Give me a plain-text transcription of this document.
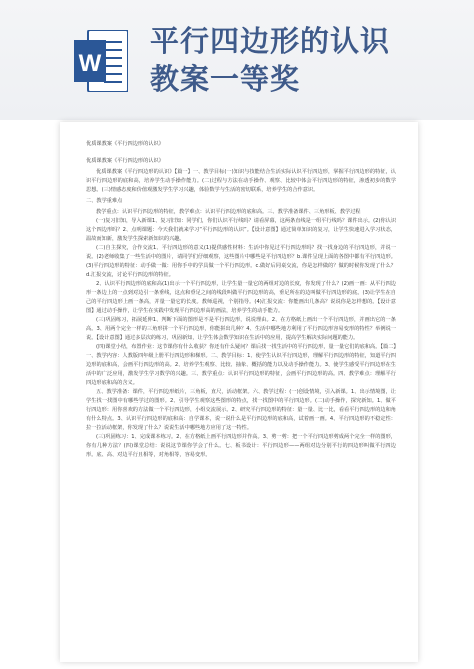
W
平行四边形的认识
教案一等奖

优质课教案《平行四边形的认识》

优质课教案《平行四边形的认识》

优质课教案《平行四边形的认识》【篇一】一、教学目标(一)知识与技能结合生活实际认识平行四边形，掌握平行四边形的特征，认识平行四边形的底和高，培养学生动手操作能力。(二)过程与方法在动手操作、观察、比较中体会平行四边形的特征，渗透初步的数学思想。(三)情感态度和价值观激发学生学习兴趣，体验数学与生活的密切联系，培养学生的合作意识。

二、教学重难点

教学重点：认识平行四边形的特征，教学难点：认识平行四边形的底和高。三、教学准备课件、三角形板、教学过程

(一)复习旧知，导入新课1、复习旧知：同学们，你们认识平行线吗？请看屏幕，这两条直线是一组平行线吗？课件出示。(2)你认识这个四边形吗？2、点明课题：今天我们就来学习“平行四边形的认识”。【设计意图】通过简单知识的复习，让学生快速进入学习状态，温故而知新，激发学生探索新知识的兴趣。

(二)自主探究，合作交流1、平行四边形的意义(1)提供感性材料：生活中你见过平行四边形吗？找一找身边的平行四边形，并说一说。(2)老师收集了一些生活中的图片，请同学们仔细观察，这些图片中哪些是平行四边形？b.课件呈现上面的各图中都有平行四边形。(3)平行四边形的特征：动手做一做：用你手中的学具做一个平行四边形。c.做好后同桌交流，你是怎样做的？做的时候你发现了什么？d.汇报交流，讨论平行四边形的特征。

2、认识平行四边形的底和高(1)出示一个平行四边形，让学生量一量它的两组对边的长度，你发现了什么？(2)画一画：从平行四边形一条边上的一点到对边引一条垂线，这点和垂足之间的线段叫做平行四边形的高，垂足所在的边叫做平行四边形的底。(3)让学生在自己的平行四边形上画一条高，并量一量它的长度。教师巡视，个别指导。(4)汇报交流：你能画出几条高？说说你是怎样想的。【设计意图】通过动手操作，让学生在实践中发现平行四边形高的画法，培养学生的动手能力。

(三)巩固练习，拓展延伸1、判断下面的图形是不是平行四边形，说说理由。2、在方格纸上画出一个平行四边形，并画出它的一条高。3、用两个完全一样的三角形拼一个平行四边形，你能拼出几种？4、生活中哪些地方利用了平行四边形容易变形的特性？举例说一说。【设计意图】通过多层次的练习，巩固新知，让学生体会数学知识在生活中的应用，提高学生解决实际问题的能力。

(四)课堂小结，布置作业：这节课你有什么收获？你还有什么疑问？课后找一找生活中的平行四边形，量一量它们的底和高。【篇二】一、教学内容：人教版四年级上册平行四边形和梯形。二、教学目标：1、使学生认识平行四边形，理解平行四边形的特征，知道平行四边形的底和高，会画平行四边形的高。2、培养学生观察、比较、抽象、概括的能力以及动手操作能力。3、使学生感受平行四边形在生活中的广泛应用，激发学生学习数学的兴趣。三、教学重点：认识平行四边形的特征，会画平行四边形的高。四、教学难点：理解平行四边形底和高的含义。

五、教学准备：课件，平行四边形纸片，三角板，直尺，活动框架。六、教学过程：(一)创设情境，引入新课。1、出示情境图，让学生找一找图中有哪些学过的图形。2、引导学生观察这些图形的特点，找一找图中的平行四边形。(二)动手操作，探究新知。1、做平行四边形：用你喜欢的方法做一个平行四边形，小组交流展示。2、研究平行四边形的特征：量一量、比一比，看看平行四边形的边和角有什么特点。3、认识平行四边形的底和高：自学课本，说一说什么是平行四边形的底和高，试着画一画。4、平行四边形的不稳定性：拉一拉活动框架，你发现了什么？说说生活中哪些地方应用了这一特性。

(三)巩固练习：1、完成课本练习。2、在方格纸上画平行四边形并作高。3、剪一剪：把一个平行四边形剪成两个完全一样的图形，你有几种方法？(四)课堂总结：说说这节课你学会了什么。七、板书设计：平行四边形——两组对边分别平行的四边形叫做平行四边形。底、高、对边平行且相等，对角相等，容易变形。
